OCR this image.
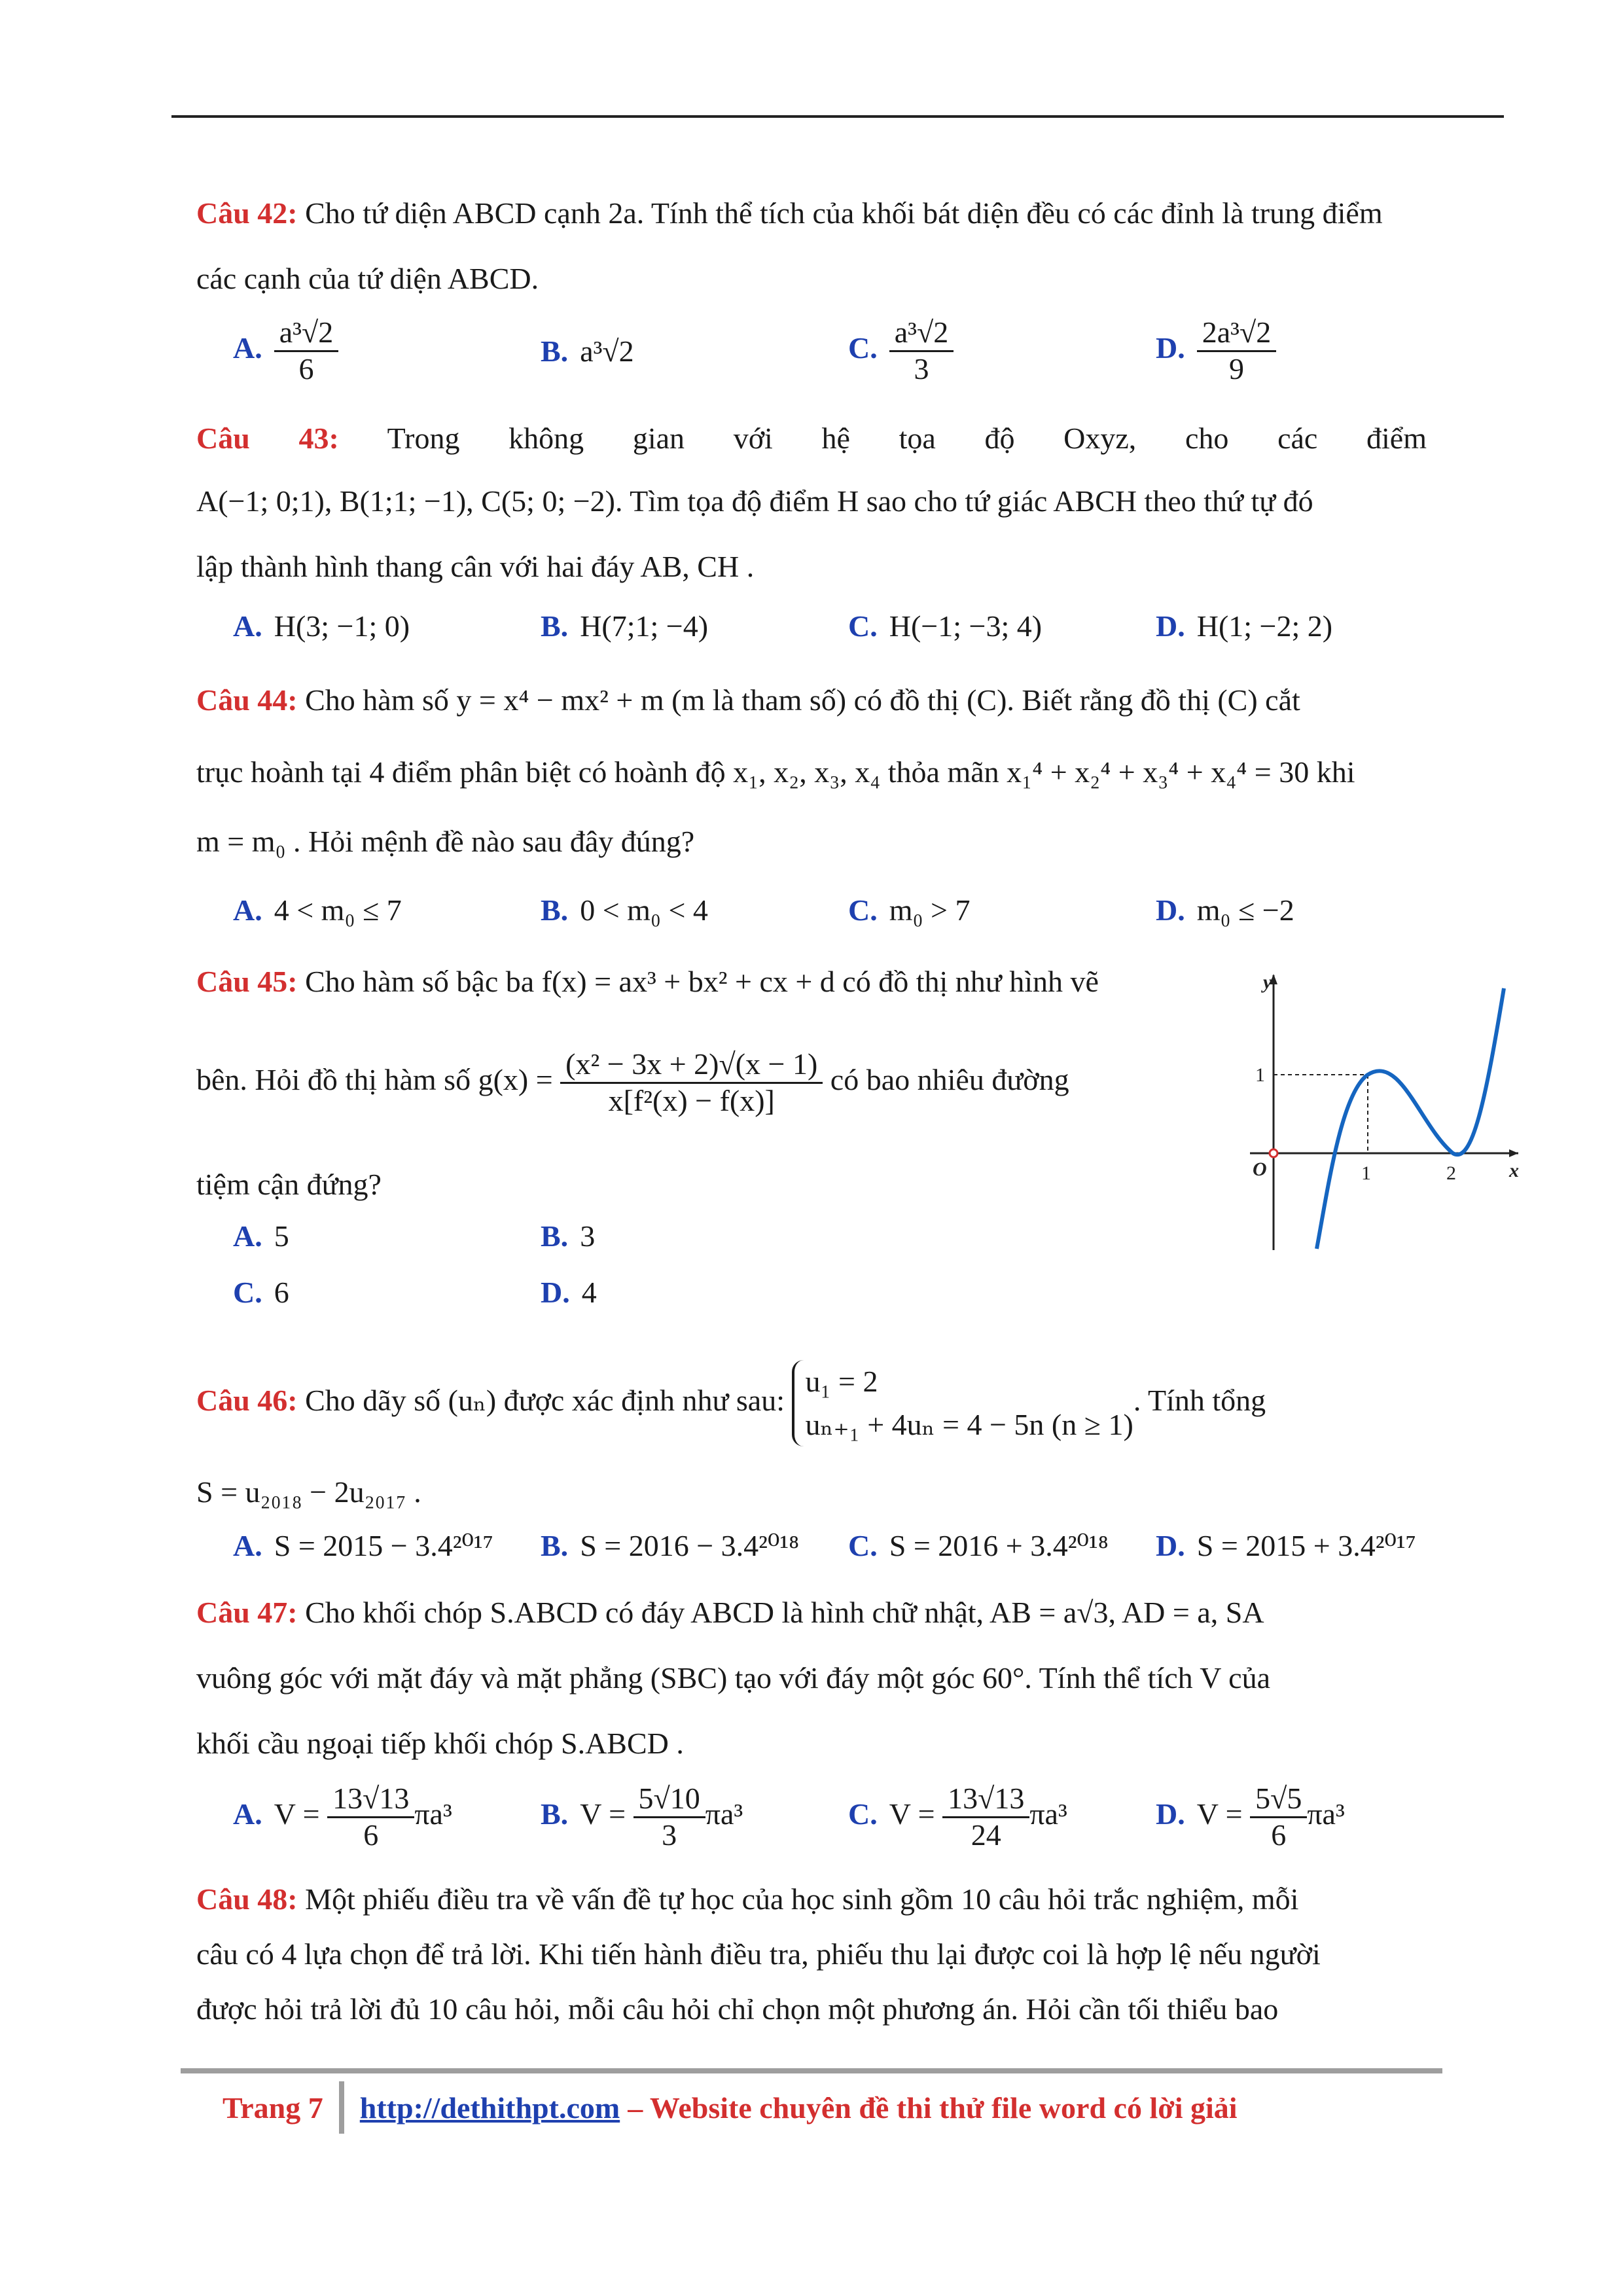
Câu 42: Cho tứ diện ABCD cạnh 2a. Tính thể tích của khối bát diện đều có các đỉnh là trung điểm các cạnh của tứ diện ABCD.
A. $\frac{\text{a³√2}}{6}$	B. a³√2	C. $\frac{\text{a³√2}}{3}$	D. $\frac{\text{2a³√2}}{9}$
Câu 43: Trong không gian với hệ tọa độ Oxyz, cho các điểm
A(−1; 0;1), B(1;1; −1), C(5; 0; −2). Tìm tọa độ điểm H sao cho tứ giác ABCH theo thứ tự đó
lập thành hình thang cân với hai đáy AB, CH .
A. H(3; −1; 0)	B. H(7;1; −4)	C. H(−1; −3; 4)	D. H(1; −2; 2)
Câu 44: Cho hàm số y = x⁴ − mx² + m (m là tham số) có đồ thị (C). Biết rằng đồ thị (C) cắt
trục hoành tại 4 điểm phân biệt có hoành độ x₁, x₂, x₃, x₄ thỏa mãn x₁⁴ + x₂⁴ + x₃⁴ + x₄⁴ = 30 khi
m = m₀ . Hỏi mệnh đề nào sau đây đúng?
A. 4 < m₀ ≤ 7	B. 0 < m₀ < 4	C. m₀ > 7	D. m₀ ≤ −2
Câu 45: Cho hàm số bậc ba f(x) = ax³ + bx² + cx + d có đồ thị như hình vẽ
bên. Hỏi đồ thị hàm số $g(x) = \frac{\text{(x² − 3x + 2)√(x − 1)}}{\text{x[f²(x) − f(x)]}}$ có bao nhiêu đường
tiệm cận đứng?
A. 5	B. 3
C. 6	D. 4
y
x
O	1	2
1
Câu 46: Cho dãy số (uₙ) được xác định như sau:
u₁ = 2
uₙ₊₁ + 4uₙ = 4 − 5n (n ≥ 1)
. Tính tổng
S = u₂₀₁₈ − 2u₂₀₁₇ .
A. S = 2015 − 3.4²⁰¹⁷ B. S = 2016 − 3.4²⁰¹⁸ C. S = 2016 + 3.4²⁰¹⁸ D. S = 2015 + 3.4²⁰¹⁷
Câu 47: Cho khối chóp S.ABCD có đáy ABCD là hình chữ nhật, AB = a√3, AD = a, SA
vuông góc với mặt đáy và mặt phẳng (SBC) tạo với đáy một góc 60°. Tính thể tích V của
khối cầu ngoại tiếp khối chóp S.ABCD .
A. $V = \frac{13√13}{6} \pi a^3$	B. $V = \frac{5√10}{3} \pi a^3$	C. $V = \frac{13√13}{24} \pi a^3$	D. $V = \frac{5√5}{6} \pi a^3$
Câu 48: Một phiếu điều tra về vấn đề tự học của học sinh gồm 10 câu hỏi trắc nghiệm, mỗi
câu có 4 lựa chọn để trả lời. Khi tiến hành điều tra, phiếu thu lại được coi là hợp lệ nếu người
được hỏi trả lời đủ 10 câu hỏi, mỗi câu hỏi chỉ chọn một phương án. Hỏi cần tối thiểu bao
Trang 7 http://dethithpt.com – Website chuyên đề thi thử file word có lời giải
